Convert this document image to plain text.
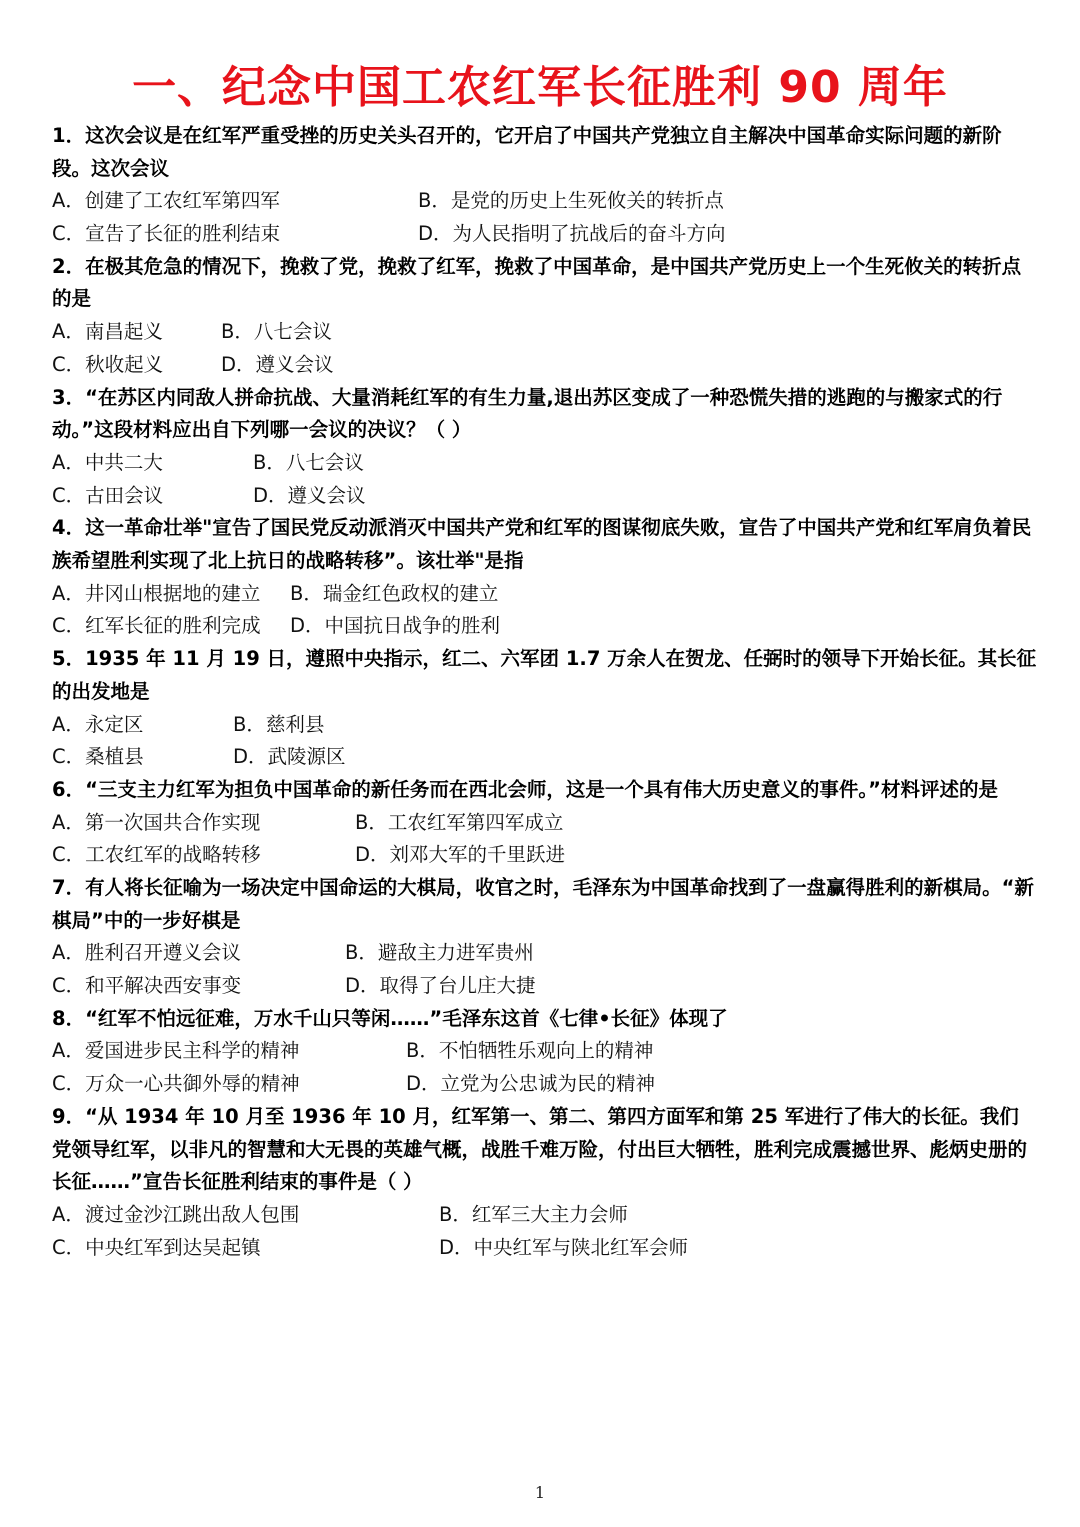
一、纪念中国工农红军长征胜利 90 周年

1．这次会议是在红军严重受挫的历史关头召开的，它开启了中国共产党独立自主解决中国革命实际问题的新阶段。这次会议

A．创建了工农红军第四军	B．是党的历史上生死攸关的转折点
C．宣告了长征的胜利结束	D．为人民指明了抗战后的奋斗方向

2．在极其危急的情况下，挽救了党，挽救了红军，挽救了中国革命，是中国共产党历史上一个生死攸关的转折点的是

A．南昌起义	B．八七会议
C．秋收起义	D．遵义会议

3．“在苏区内同敌人拼命抗战、大量消耗红军的有生力量,退出苏区变成了一种恐慌失措的逃跑的与搬家式的行动。”这段材料应出自下列哪一会议的决议？（ ）

A．中共二大	B．八七会议
C．古田会议	D．遵义会议

4．这一革命壮举"宣告了国民党反动派消灭中国共产党和红军的图谋彻底失败，宣告了中国共产党和红军肩负着民族希望胜利实现了北上抗日的战略转移”。该壮举"是指

A．井冈山根据地的建立 B．瑞金红色政权的建立
C．红军长征的胜利完成 D．中国抗日战争的胜利

5．1935 年 11 月 19 日，遵照中央指示，红二、六军团 1.7 万余人在贺龙、任弼时的领导下开始长征。其长征的出发地是

A．永定区	B．慈利县
C．桑植县	D．武陵源区

6．“三支主力红军为担负中国革命的新任务而在西北会师，这是一个具有伟大历史意义的事件。”材料评述的是

A．第一次国共合作实现	B．工农红军第四军成立
C．工农红军的战略转移	D．刘邓大军的千里跃进

7．有人将长征喻为一场决定中国命运的大棋局，收官之时，毛泽东为中国革命找到了一盘赢得胜利的新棋局。“新棋局”中的一步好棋是

A．胜利召开遵义会议	B．避敌主力进军贵州
C．和平解决西安事变	D．取得了台儿庄大捷

8．“红军不怕远征难，万水千山只等闲……”毛泽东这首《七律•长征》体现了

A．爱国进步民主科学的精神	B．不怕牺牲乐观向上的精神
C．万众一心共御外辱的精神	D．立党为公忠诚为民的精神

9．“从 1934 年 10 月至 1936 年 10 月，红军第一、第二、第四方面军和第 25 军进行了伟大的长征。我们党领导红军，以非凡的智慧和大无畏的英雄气概，战胜千难万险，付出巨大牺牲，胜利完成震撼世界、彪炳史册的长征……”宣告长征胜利结束的事件是（ ）

A．渡过金沙江跳出敌人包围	B．红军三大主力会师
C．中央红军到达吴起镇	D．中央红军与陕北红军会师
1
